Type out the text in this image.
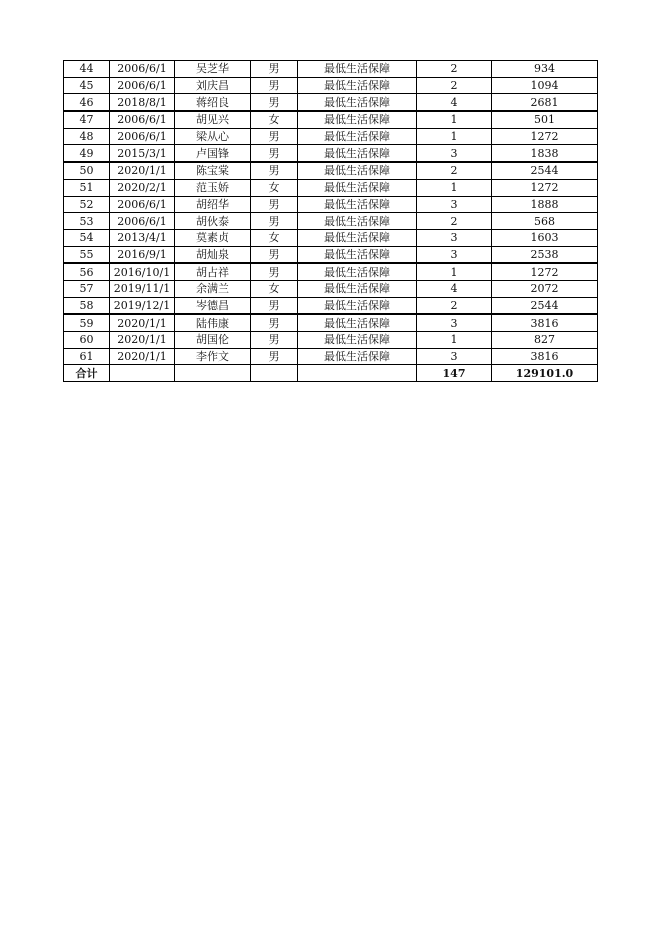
44	2006/6/1	吴芝华	男	最低生活保障	2	934
45	2006/6/1	刘庆昌	男	最低生活保障	2	1094
46	2018/8/1	蒋绍良	男	最低生活保障	4	2681
47	2006/6/1	胡见兴	女	最低生活保障	1	501
48	2006/6/1	梁从心	男	最低生活保障	1	1272
49	2015/3/1	卢国锋	男	最低生活保障	3	1838
50	2020/1/1	陈宝棠	男	最低生活保障	2	2544
51	2020/2/1	范玉娇	女	最低生活保障	1	1272
52	2006/6/1	胡绍华	男	最低生活保障	3	1888
53	2006/6/1	胡伙泰	男	最低生活保障	2	568
54	2013/4/1	莫素贞	女	最低生活保障	3	1603
55	2016/9/1	胡灿泉	男	最低生活保障	3	2538
56	2016/10/1	胡占祥	男	最低生活保障	1	1272
57	2019/11/1	余满兰	女	最低生活保障	4	2072
58	2019/12/1	岑德昌	男	最低生活保障	2	2544
59	2020/1/1	陆伟康	男	最低生活保障	3	3816
60	2020/1/1	胡国伦	男	最低生活保障	1	827
61	2020/1/1	李作文	男	最低生活保障	3	3816
合计					147	129101.0
